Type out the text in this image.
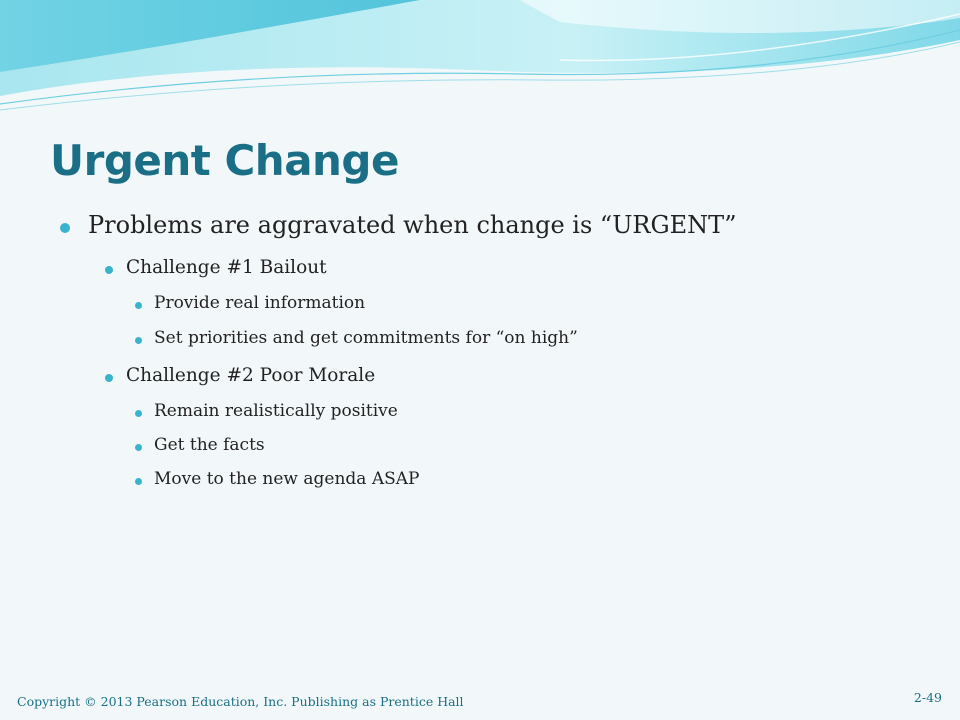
Urgent Change
Problems are aggravated when change is “URGENT”
Challenge #1 Bailout
Provide real information
Set priorities and get commitments for “on high”
Challenge #2 Poor Morale
Remain realistically positive
Get the facts
Move to the new agenda ASAP
Copyright © 2013 Pearson Education, Inc. Publishing as Prentice Hall	2-49
